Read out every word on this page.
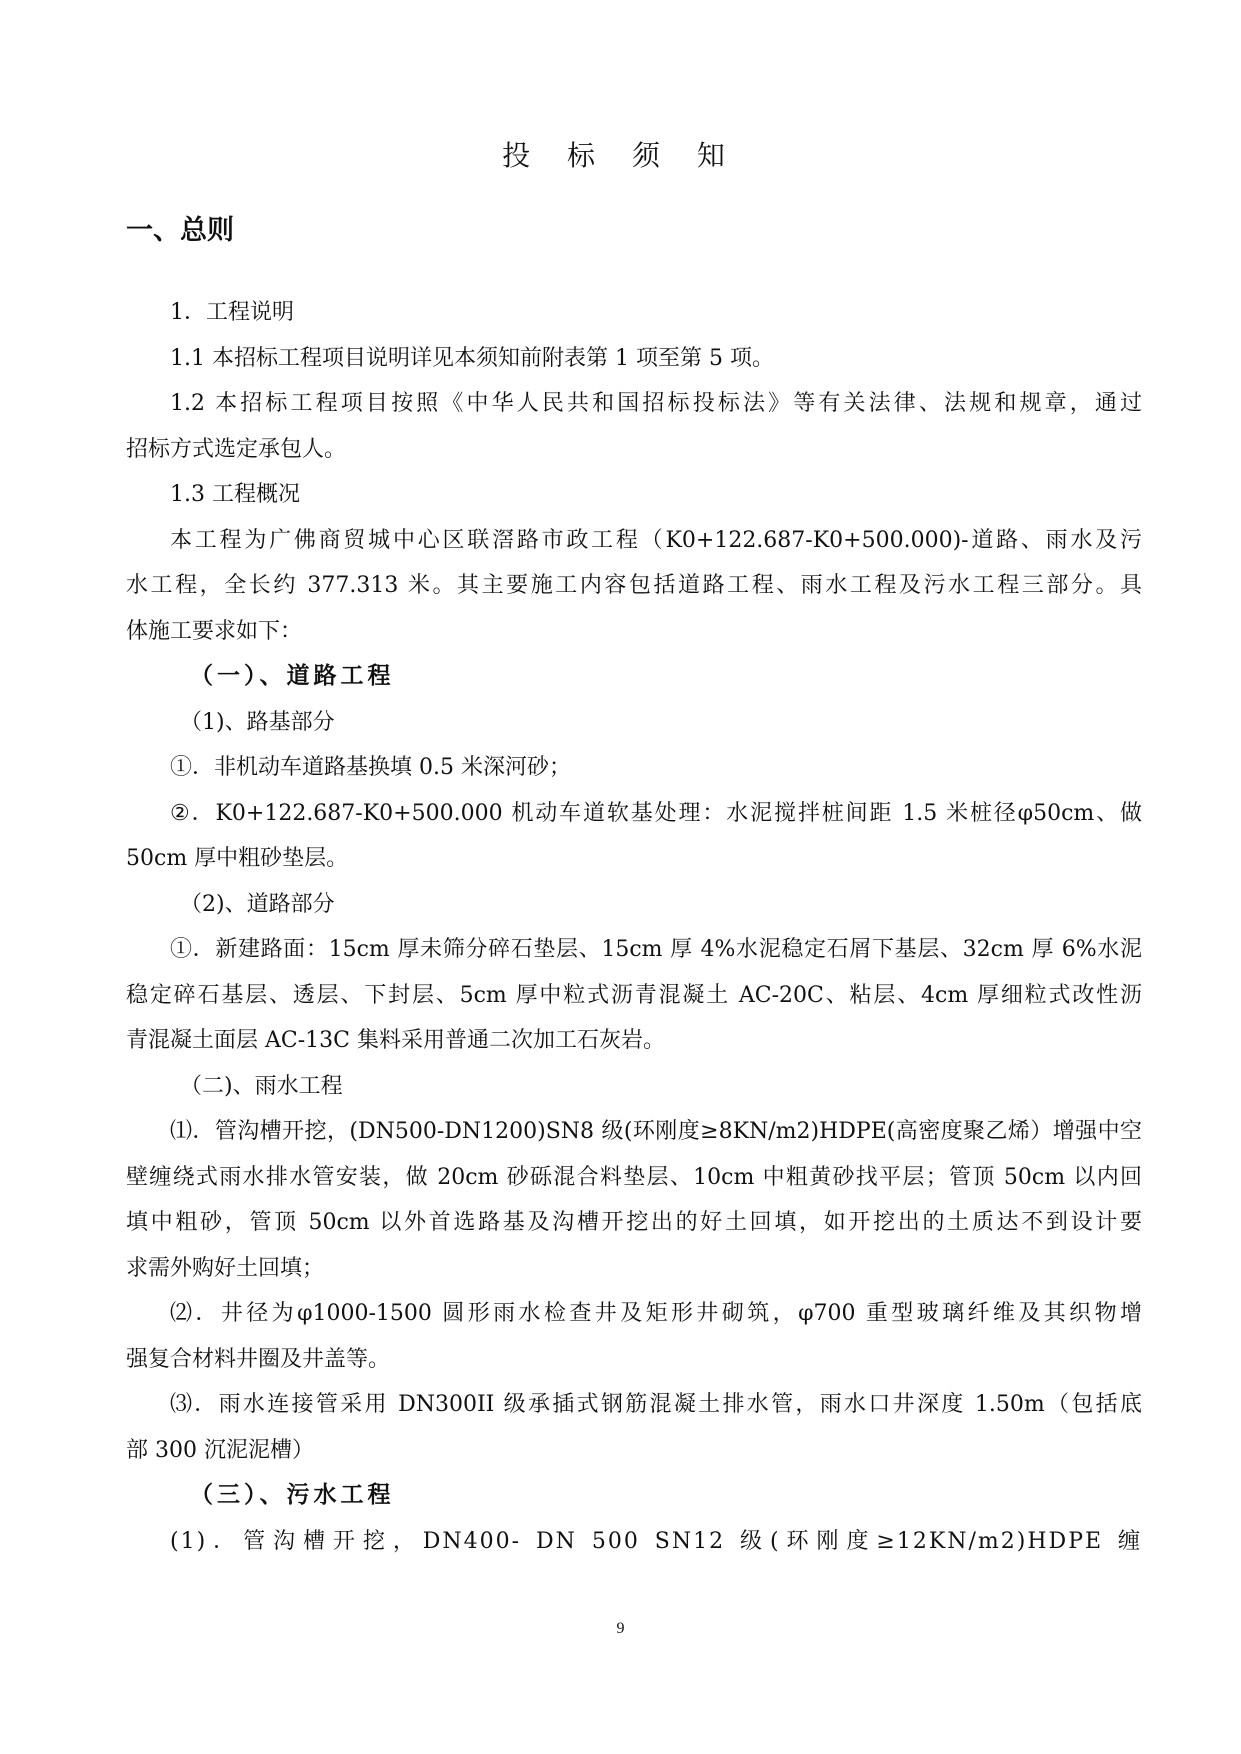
投 标 须 知
一、总则

1．工程说明

1.1 本招标工程项目说明详见本须知前附表第 1 项至第 5 项。

1.2 本招标工程项目按照《中华人民共和国招标投标法》等有关法律、法规和规章，通过

招标方式选定承包人。

1.3 工程概况

本工程为广佛商贸城中心区联滘路市政工程（K0+122.687-K0+500.000)-道路、雨水及污

水工程，全长约 377.313 米。其主要施工内容包括道路工程、雨水工程及污水工程三部分。具

体施工要求如下：

（一）、道路工程

（1)、路基部分

①．非机动车道路基换填 0.5 米深河砂；

②．K0+122.687-K0+500.000 机动车道软基处理：水泥搅拌桩间距 1.5 米桩径φ50cm、做

50cm 厚中粗砂垫层。

（2)、道路部分

①．新建路面：15cm 厚未筛分碎石垫层、15cm 厚 4%水泥稳定石屑下基层、32cm 厚 6%水泥

稳定碎石基层、透层、下封层、5cm 厚中粒式沥青混凝土 AC-20C、粘层、4cm 厚细粒式改性沥

青混凝土面层 AC-13C 集料采用普通二次加工石灰岩。

（二)、雨水工程

⑴．管沟槽开挖，(DN500-DN1200)SN8 级(环刚度≥8KN/m2)HDPE(高密度聚乙烯）增强中空

壁缠绕式雨水排水管安装，做 20cm 砂砾混合料垫层、10cm 中粗黄砂找平层；管顶 50cm 以内回

填中粗砂，管顶 50cm 以外首选路基及沟槽开挖出的好土回填，如开挖出的土质达不到设计要

求需外购好土回填；

⑵．井径为φ1000-1500 圆形雨水检查井及矩形井砌筑，φ700 重型玻璃纤维及其织物增

强复合材料井圈及井盖等。

⑶．雨水连接管采用 DN300II 级承插式钢筋混凝土排水管，雨水口井深度 1.50m（包括底

部 300 沉泥泥槽）

（三）、污水工程

(1)．管沟槽开挖，DN400- DN 500 SN12 级(环刚度≥12KN/m2)HDPE 缠

9
